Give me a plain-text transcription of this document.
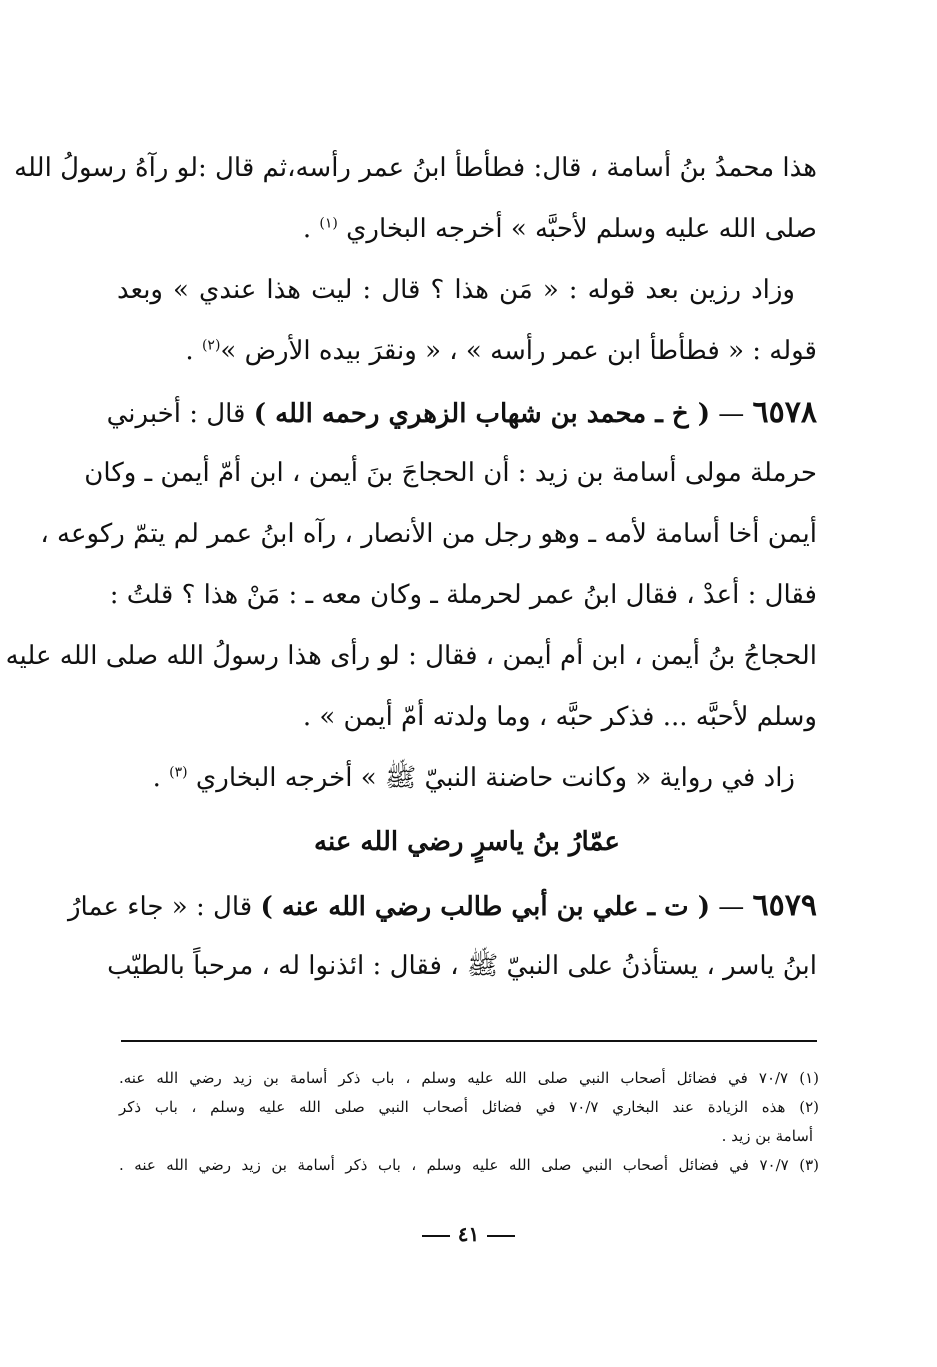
هذا محمدُ بنُ أسامة ، قال: فطأطأ ابنُ عمر رأسه،ثم قال :لو رآهُ رسولُ الله
صلى الله عليه وسلم لأحبَّه » أخرجه البخاري $^{(١)}$ .
وزاد رزين بعد قوله : « مَن هذا ؟ قال : ليت هذا عندي » وبعد
قوله : « فطأطأ ابن عمر رأسه » ، « ونقرَ بيده الأرض »$^{(٢)}$ .
٦٥٧٨ — ( خ ـ محمد بن شهاب الزهري رحمه الله ) قال : أخبرني
حرملة مولى أسامة بن زيد : أن الحجاجَ بنَ أيمن ، ابن أمّ أيمن ـ وكان
أيمن أخا أسامة لأمه ـ وهو رجل من الأنصار ، رآه ابنُ عمر لم يتمّ ركوعه ،
فقال : أعدْ ، فقال ابنُ عمر لحرملة ـ وكان معه ـ : مَنْ هذا ؟ قلتُ :
الحجاجُ بنُ أيمن ، ابن أم أيمن ، فقال : لو رأى هذا رسولُ الله صلى الله عليه
وسلم لأحبَّه ... فذكر حبَّه ، وما ولدته أمّ أيمن » .
زاد في رواية « وكانت حاضنة النبيّ ﷺ » أخرجه البخاري $^{(٣)}$ .
عمّارُ بنُ ياسرٍ رضي الله عنه
٦٥٧٩ — ( ت ـ علي بن أبي طالب رضي الله عنه ) قال : « جاء عمارُ
ابنُ ياسر ، يستأذنُ على النبيّ ﷺ ، فقال : ائذنوا له ، مرحباً بالطيّب
(١) ٧٠/٧ في فضائل أصحاب النبي صلى الله عليه وسلم ، باب ذكر أسامة بن زيد رضي الله عنه.
(٢) هذه الزيادة عند البخاري ٧٠/٧ في فضائل أصحاب النبي صلى الله عليه وسلم ، باب ذكر
أسامة بن زيد .
(٣) ٧٠/٧ في فضائل أصحاب النبي صلى الله عليه وسلم ، باب ذكر أسامة بن زيد رضي الله عنه .
٤١
